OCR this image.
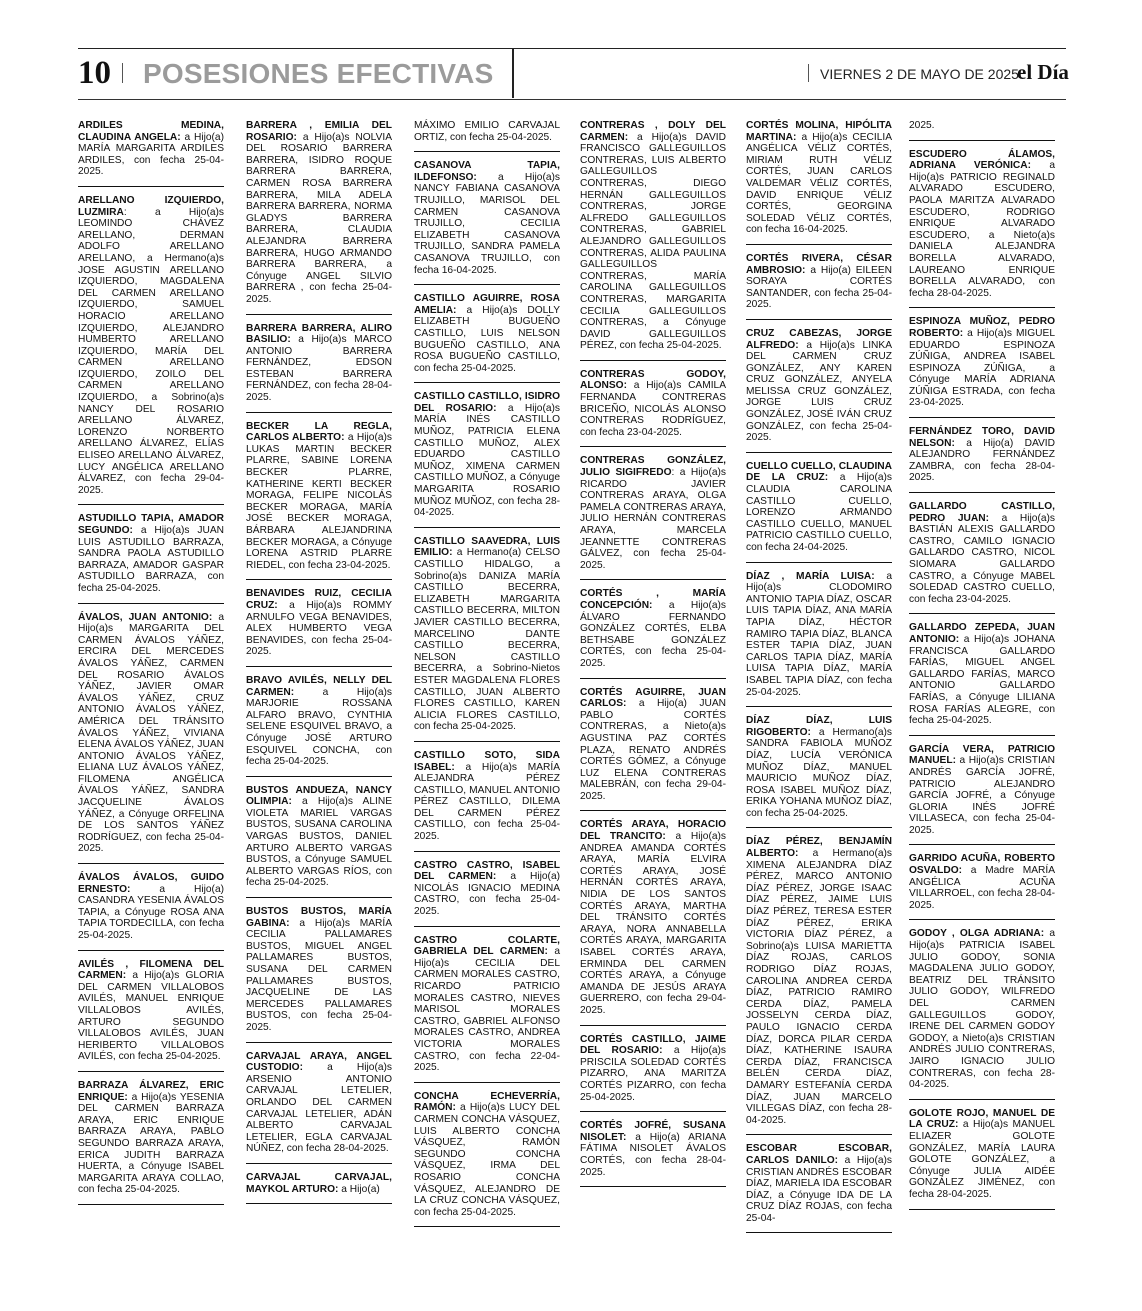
10 POSESIONES EFECTIVAS	VIERNES 2 DE MAYO DE 2025
el Día
ARDILES MEDINA, CLAUDINA ANGELA: a Hijo(a) MARÍA MARGARITA ARDILES ARDILES, con fecha 25-04-2025.
ARELLANO IZQUIERDO, LUZMIRA: a Hijo(a)s LEOMINDO CHÁVEZ ARELLANO, DERMAN ADOLFO ARELLANO ARELLANO, a Hermano(a)s JOSE AGUSTIN ARELLANO IZQUIERDO, MAGDALENA DEL CARMEN ARELLANO IZQUIERDO, SAMUEL HORACIO ARELLANO IZQUIERDO, ALEJANDRO HUMBERTO ARELLANO IZQUIERDO, MARÍA DEL CARMEN ARELLANO IZQUIERDO, ZOILO DEL CARMEN ARELLANO IZQUIERDO, a Sobrino(a)s NANCY DEL ROSARIO ARELLANO ÁLVAREZ, LORENZO NORBERTO ARELLANO ÁLVAREZ, ELÍAS ELISEO ARELLANO ÁLVAREZ, LUCY ANGÉLICA ARELLANO ÁLVAREZ, con fecha 29-04-2025.
ASTUDILLO TAPIA, AMADOR SEGUNDO: a Hijo(a)s JUAN LUIS ASTUDILLO BARRAZA, SANDRA PAOLA ASTUDILLO BARRAZA, AMADOR GASPAR ASTUDILLO BARRAZA, con fecha 25-04-2025.
ÁVALOS, JUAN ANTONIO: a Hijo(a)s MARGARITA DEL CARMEN ÁVALOS YÁÑEZ, ERCIRA DEL MERCEDES ÁVALOS YÁÑEZ, CARMEN DEL ROSARIO ÁVALOS YÁÑEZ, JAVIER OMAR ÁVALOS YÁÑEZ, CRUZ ANTONIO ÁVALOS YÁÑEZ, AMÉRICA DEL TRÁNSITO ÁVALOS YÁÑEZ, VIVIANA ELENA ÁVALOS YÁÑEZ, JUAN ANTONIO ÁVALOS YÁÑEZ, ELIANA LUZ ÁVALOS YÁÑEZ, FILOMENA ANGÉLICA ÁVALOS YÁÑEZ, SANDRA JACQUELINE ÁVALOS YÁÑEZ, a Cónyuge ORFELINA DE LOS SANTOS YÁÑEZ RODRÍGUEZ, con fecha 25-04-2025.
ÁVALOS ÁVALOS, GUIDO ERNESTO: a Hijo(a) CASANDRA YESENIA ÁVALOS TAPIA, a Cónyuge ROSA ANA TAPIA TORDECILLA, con fecha 25-04-2025.
AVILÉS , FILOMENA DEL CARMEN: a Hijo(a)s GLORIA DEL CARMEN VILLALOBOS AVILÉS, MANUEL ENRIQUE VILLALOBOS AVILÉS, ARTURO SEGUNDO VILLALOBOS AVILÉS, JUAN HERIBERTO VILLALOBOS AVILÉS, con fecha 25-04-2025.
BARRAZA ÁLVAREZ, ERIC ENRIQUE: a Hijo(a)s YESENIA DEL CARMEN BARRAZA ARAYA, ERIC ENRIQUE BARRAZA ARAYA, PABLO SEGUNDO BARRAZA ARAYA, ERICA JUDITH BARRAZA HUERTA, a Cónyuge ISABEL MARGARITA ARAYA COLLAO, con fecha 25-04-2025.
BARRERA , EMILIA DEL ROSARIO: a Hijo(a)s NOLVIA DEL ROSARIO BARRERA BARRERA, ISIDRO ROQUE BARRERA BARRERA, CARMEN ROSA BARRERA BARRERA, MILA ADELA BARRERA BARRERA, NORMA GLADYS BARRERA BARRERA, CLAUDIA ALEJANDRA BARRERA BARRERA, HUGO ARMANDO BARRERA BARRERA, a Cónyuge ANGEL SILVIO BARRERA , con fecha 25-04-2025.
BARRERA BARRERA, ALIRO BASILIO: a Hijo(a)s MARCO ANTONIO BARRERA FERNÁNDEZ, EDSON ESTEBAN BARRERA FERNÁNDEZ, con fecha 28-04-2025.
BECKER LA REGLA, CARLOS ALBERTO: a Hijo(a)s LUKAS MARTIN BECKER PLARRE, SABINE LORENA BECKER PLARRE, KATHERINE KERTI BECKER MORAGA, FELIPE NICOLÁS BECKER MORAGA, MARÍA JOSÉ BECKER MORAGA, BÁRBARA ALEJANDRINA BECKER MORAGA, a Cónyuge LORENA ASTRID PLARRE RIEDEL, con fecha 23-04-2025.
BENAVIDES RUIZ, CECILIA CRUZ: a Hijo(a)s ROMMY ARNULFO VEGA BENAVIDES, ALEX HUMBERTO VEGA BENAVIDES, con fecha 25-04-2025.
BRAVO AVILÉS, NELLY DEL CARMEN: a Hijo(a)s MARJORIE ROSSANA ALFARO BRAVO, CYNTHIA SELENE ESQUIVEL BRAVO, a Cónyuge JOSÉ ARTURO ESQUIVEL CONCHA, con fecha 25-04-2025.
BUSTOS ANDUEZA, NANCY OLIMPIA: a Hijo(a)s ALINE VIOLETA MARIEL VARGAS BUSTOS, SUSANA CAROLINA VARGAS BUSTOS, DANIEL ARTURO ALBERTO VARGAS BUSTOS, a Cónyuge SAMUEL ALBERTO VARGAS RÍOS, con fecha 25-04-2025.
BUSTOS BUSTOS, MARÍA GABINA: a Hijo(a)s MARÍA CECILIA PALLAMARES BUSTOS, MIGUEL ANGEL PALLAMARES BUSTOS, SUSANA DEL CARMEN PALLAMARES BUSTOS, JACQUELINE DE LAS MERCEDES PALLAMARES BUSTOS, con fecha 25-04-2025.
CARVAJAL ARAYA, ANGEL CUSTODIO: a Hijo(a)s ARSENIO ANTONIO CARVAJAL LETELIER, ORLANDO DEL CARMEN CARVAJAL LETELIER, ADÁN ALBERTO CARVAJAL LETELIER, EGLA CARVAJAL NÚÑEZ, con fecha 28-04-2025.
CARVAJAL CARVAJAL, MAYKOL ARTURO: a Hijo(a)
MÁXIMO EMILIO CARVAJAL ORTIZ, con fecha 25-04-2025.
CASANOVA TAPIA, ILDEFONSO: a Hijo(a)s NANCY FABIANA CASANOVA TRUJILLO, MARISOL DEL CARMEN CASANOVA TRUJILLO, CECILIA ELIZABETH CASANOVA TRUJILLO, SANDRA PAMELA CASANOVA TRUJILLO, con fecha 16-04-2025.
CASTILLO AGUIRRE, ROSA AMELIA: a Hijo(a)s DOLLY ELIZABETH BUGUEÑO CASTILLO, LUIS NELSON BUGUEÑO CASTILLO, ANA ROSA BUGUEÑO CASTILLO, con fecha 25-04-2025.
CASTILLO CASTILLO, ISIDRO DEL ROSARIO: a Hijo(a)s MARÍA INÉS CASTILLO MUÑOZ, PATRICIA ELENA CASTILLO MUÑOZ, ALEX EDUARDO CASTILLO MUÑOZ, XIMENA CARMEN CASTILLO MUÑOZ, a Cónyuge MARGARITA ROSARIO MUÑOZ MUÑOZ, con fecha 28-04-2025.
CASTILLO SAAVEDRA, LUIS EMILIO: a Hermano(a) CELSO CASTILLO HIDALGO, a Sobrino(a)s DANIZA MARÍA CASTILLO BECERRA, ELIZABETH MARGARITA CASTILLO BECERRA, MILTON JAVIER CASTILLO BECERRA, MARCELINO DANTE CASTILLO BECERRA, NELSON CASTILLO BECERRA, a Sobrino-Nietos ESTER MAGDALENA FLORES CASTILLO, JUAN ALBERTO FLORES CASTILLO, KAREN ALICIA FLORES CASTILLO, con fecha 25-04-2025.
CASTILLO SOTO, SIDA ISABEL: a Hijo(a)s MARÍA ALEJANDRA PÉREZ CASTILLO, MANUEL ANTONIO PÉREZ CASTILLO, DILEMA DEL CARMEN PÉREZ CASTILLO, con fecha 25-04-2025.
CASTRO CASTRO, ISABEL DEL CARMEN: a Hijo(a) NICOLÁS IGNACIO MEDINA CASTRO, con fecha 25-04-2025.
CASTRO COLARTE, GABRIELA DEL CARMEN: a Hijo(a)s CECILIA DEL CARMEN MORALES CASTRO, RICARDO PATRICIO MORALES CASTRO, NIEVES MARISOL MORALES CASTRO, GABRIEL ALFONSO MORALES CASTRO, ANDREA VICTORIA MORALES CASTRO, con fecha 22-04-2025.
CONCHA ECHEVERRÍA, RAMÓN: a Hijo(a)s LUCY DEL CARMEN CONCHA VÁSQUEZ, LUIS ALBERTO CONCHA VÁSQUEZ, RAMÓN SEGUNDO CONCHA VÁSQUEZ, IRMA DEL ROSARIO CONCHA VÁSQUEZ, ALEJANDRO DE LA CRUZ CONCHA VÁSQUEZ, con fecha 25-04-2025.
CONTRERAS , DOLY DEL CARMEN: a Hijo(a)s DAVID FRANCISCO GALLEGUILLOS CONTRERAS, LUIS ALBERTO GALLEGUILLOS CONTRERAS, DIEGO HERNÁN GALLEGUILLOS CONTRERAS, JORGE ALFREDO GALLEGUILLOS CONTRERAS, GABRIEL ALEJANDRO GALLEGUILLOS CONTRERAS, ALIDA PAULINA GALLEGUILLOS CONTRERAS, MARÍA CAROLINA GALLEGUILLOS CONTRERAS, MARGARITA CECILIA GALLEGUILLOS CONTRERAS, a Cónyuge DAVID GALLEGUILLOS PÉREZ, con fecha 25-04-2025.
CONTRERAS GODOY, ALONSO: a Hijo(a)s CAMILA FERNANDA CONTRERAS BRICEÑO, NICOLÁS ALONSO CONTRERAS RODRÍGUEZ, con fecha 23-04-2025.
CONTRERAS GONZÁLEZ, JULIO SIGIFREDO: a Hijo(a)s RICARDO JAVIER CONTRERAS ARAYA, OLGA PAMELA CONTRERAS ARAYA, JULIO HERNÁN CONTRERAS ARAYA, MARCELA JEANNETTE CONTRERAS GÁLVEZ, con fecha 25-04-2025.
CORTÉS , MARÍA CONCEPCIÓN: a Hijo(a)s ÁLVARO FERNANDO GONZÁLEZ CORTÉS, ELBA BETHSABE GONZÁLEZ CORTÉS, con fecha 25-04-2025.
CORTÉS AGUIRRE, JUAN CARLOS: a Hijo(a) JUAN PABLO CORTÉS CONTRERAS, a Nieto(a)s AGUSTINA PAZ CORTÉS PLAZA, RENATO ANDRÉS CORTÉS GÓMEZ, a Cónyuge LUZ ELENA CONTRERAS MALEBRÁN, con fecha 29-04-2025.
CORTÉS ARAYA, HORACIO DEL TRANCITO: a Hijo(a)s ANDREA AMANDA CORTÉS ARAYA, MARÍA ELVIRA CORTÉS ARAYA, JOSÉ HERNÁN CORTÉS ARAYA, NIDIA DE LOS SANTOS CORTÉS ARAYA, MARTHA DEL TRÁNSITO CORTÉS ARAYA, NORA ANNABELLA CORTÉS ARAYA, MARGARITA ISABEL CORTÉS ARAYA, ERMINDA DEL CARMEN CORTÉS ARAYA, a Cónyuge AMANDA DE JESÚS ARAYA GUERRERO, con fecha 29-04-2025.
CORTÉS CASTILLO, JAIME DEL ROSARIO: a Hijo(a)s PRISCILA SOLEDAD CORTÉS PIZARRO, ANA MARITZA CORTÉS PIZARRO, con fecha 25-04-2025.
CORTÉS JOFRÉ, SUSANA NISOLET: a Hijo(a) ARIANA FÁTIMA NISOLET ÁVALOS CORTÉS, con fecha 28-04-2025.
CORTÉS MOLINA, HIPÓLITA MARTINA: a Hijo(a)s CECILIA ANGÉLICA VÉLIZ CORTÉS, MIRIAM RUTH VÉLIZ CORTÉS, JUAN CARLOS VALDEMAR VÉLIZ CORTÉS, DAVID ENRIQUE VÉLIZ CORTÉS, GEORGINA SOLEDAD VÉLIZ CORTÉS, con fecha 16-04-2025.
CORTÉS RIVERA, CÉSAR AMBROSIO: a Hijo(a) EILEEN SORAYA CORTÉS SANTANDER, con fecha 25-04-2025.
CRUZ CABEZAS, JORGE ALFREDO: a Hijo(a)s LINKA DEL CARMEN CRUZ GONZÁLEZ, ANY KAREN CRUZ GONZÁLEZ, ANYELA MELISSA CRUZ GONZÁLEZ, JORGE LUIS CRUZ GONZÁLEZ, JOSÉ IVÁN CRUZ GONZÁLEZ, con fecha 25-04-2025.
CUELLO CUELLO, CLAUDINA DE LA CRUZ: a Hijo(a)s CLAUDIA CAROLINA CASTILLO CUELLO, LORENZO ARMANDO CASTILLO CUELLO, MANUEL PATRICIO CASTILLO CUELLO, con fecha 24-04-2025.
DÍAZ , MARÍA LUISA: a Hijo(a)s CLODOMIRO ANTONIO TAPIA DÍAZ, OSCAR LUIS TAPIA DÍAZ, ANA MARÍA TAPIA DÍAZ, HÉCTOR RAMIRO TAPIA DÍAZ, BLANCA ESTER TAPIA DÍAZ, JUAN CARLOS TAPIA DÍAZ, MARÍA LUISA TAPIA DÍAZ, MARÍA ISABEL TAPIA DÍAZ, con fecha 25-04-2025.
DÍAZ DÍAZ, LUIS RIGOBERTO: a Hermano(a)s SANDRA FABIOLA MUÑOZ DÍAZ, LUCÍA VERÓNICA MUÑOZ DÍAZ, MANUEL MAURICIO MUÑOZ DÍAZ, ROSA ISABEL MUÑOZ DÍAZ, ERIKA YOHANA MUÑOZ DÍAZ, con fecha 25-04-2025.
DÍAZ PÉREZ, BENJAMÍN ALBERTO: a Hermano(a)s XIMENA ALEJANDRA DÍAZ PÉREZ, MARCO ANTONIO DÍAZ PÉREZ, JORGE ISAAC DÍAZ PÉREZ, JAIME LUIS DÍAZ PÉREZ, TERESA ESTER DÍAZ PÉREZ, ERIKA VICTORIA DÍAZ PÉREZ, a Sobrino(a)s LUISA MARIETTA DÍAZ ROJAS, CARLOS RODRIGO DÍAZ ROJAS, CAROLINA ANDREA CERDA DÍAZ, PATRICIO RAMIRO CERDA DÍAZ, PAMELA JOSSELYN CERDA DÍAZ, PAULO IGNACIO CERDA DÍAZ, DORCA PILAR CERDA DÍAZ, KATHERINE ISAURA CERDA DÍAZ, FRANCISCA BELÉN CERDA DÍAZ, DAMARY ESTEFANÍA CERDA DÍAZ, JUAN MARCELO VILLEGAS DÍAZ, con fecha 28-04-2025.
ESCOBAR ESCOBAR, CARLOS DANILO: a Hijo(a)s CRISTIAN ANDRÉS ESCOBAR DÍAZ, MARIELA IDA ESCOBAR DÍAZ, a Cónyuge IDA DE LA CRUZ DÍAZ ROJAS, con fecha 25-04-
2025.
ESCUDERO ÁLAMOS, ADRIANA VERÓNICA: a Hijo(a)s PATRICIO REGINALD ALVARADO ESCUDERO, PAOLA MARITZA ALVARADO ESCUDERO, RODRIGO ENRIQUE ALVARADO ESCUDERO, a Nieto(a)s DANIELA ALEJANDRA BORELLA ALVARADO, LAUREANO ENRIQUE BORELLA ALVARADO, con fecha 28-04-2025.
ESPINOZA MUÑOZ, PEDRO ROBERTO: a Hijo(a)s MIGUEL EDUARDO ESPINOZA ZÚÑIGA, ANDREA ISABEL ESPINOZA ZÚÑIGA, a Cónyuge MARÍA ADRIANA ZÚÑIGA ESTRADA, con fecha 23-04-2025.
FERNÁNDEZ TORO, DAVID NELSON: a Hijo(a) DAVID ALEJANDRO FERNÁNDEZ ZAMBRA, con fecha 28-04-2025.
GALLARDO CASTILLO, PEDRO JUAN: a Hijo(a)s BASTIÁN ALEXIS GALLARDO CASTRO, CAMILO IGNACIO GALLARDO CASTRO, NICOL SIOMARA GALLARDO CASTRO, a Cónyuge MABEL SOLEDAD CASTRO CUELLO, con fecha 23-04-2025.
GALLARDO ZEPEDA, JUAN ANTONIO: a Hijo(a)s JOHANA FRANCISCA GALLARDO FARÍAS, MIGUEL ANGEL GALLARDO FARÍAS, MARCO ANTONIO GALLARDO FARÍAS, a Cónyuge LILIANA ROSA FARÍAS ALEGRE, con fecha 25-04-2025.
GARCÍA VERA, PATRICIO MANUEL: a Hijo(a)s CRISTIAN ANDRÉS GARCÍA JOFRÉ, PATRICIO ALEJANDRO GARCÍA JOFRÉ, a Cónyuge GLORIA INÉS JOFRÉ VILLASECA, con fecha 25-04-2025.
GARRIDO ACUÑA, ROBERTO OSVALDO: a Madre MARÍA ANGÉLICA ACUÑA VILLARROEL, con fecha 28-04-2025.
GODOY , OLGA ADRIANA: a Hijo(a)s PATRICIA ISABEL JULIO GODOY, SONIA MAGDALENA JULIO GODOY, BEATRIZ DEL TRÁNSITO JULIO GODOY, WILFREDO DEL CARMEN GALLEGUILLOS GODOY, IRENE DEL CARMEN GODOY GODOY, a Nieto(a)s CRISTIAN ANDRÉS JULIO CONTRERAS, JAIRO IGNACIO JULIO CONTRERAS, con fecha 28-04-2025.
GOLOTE ROJO, MANUEL DE LA CRUZ: a Hijo(a)s MANUEL ELIAZER GOLOTE GONZÁLEZ, MARÍA LAURA GOLOTE GONZÁLEZ, a Cónyuge JULIA AIDÉE GONZÁLEZ JIMÉNEZ, con fecha 28-04-2025.
